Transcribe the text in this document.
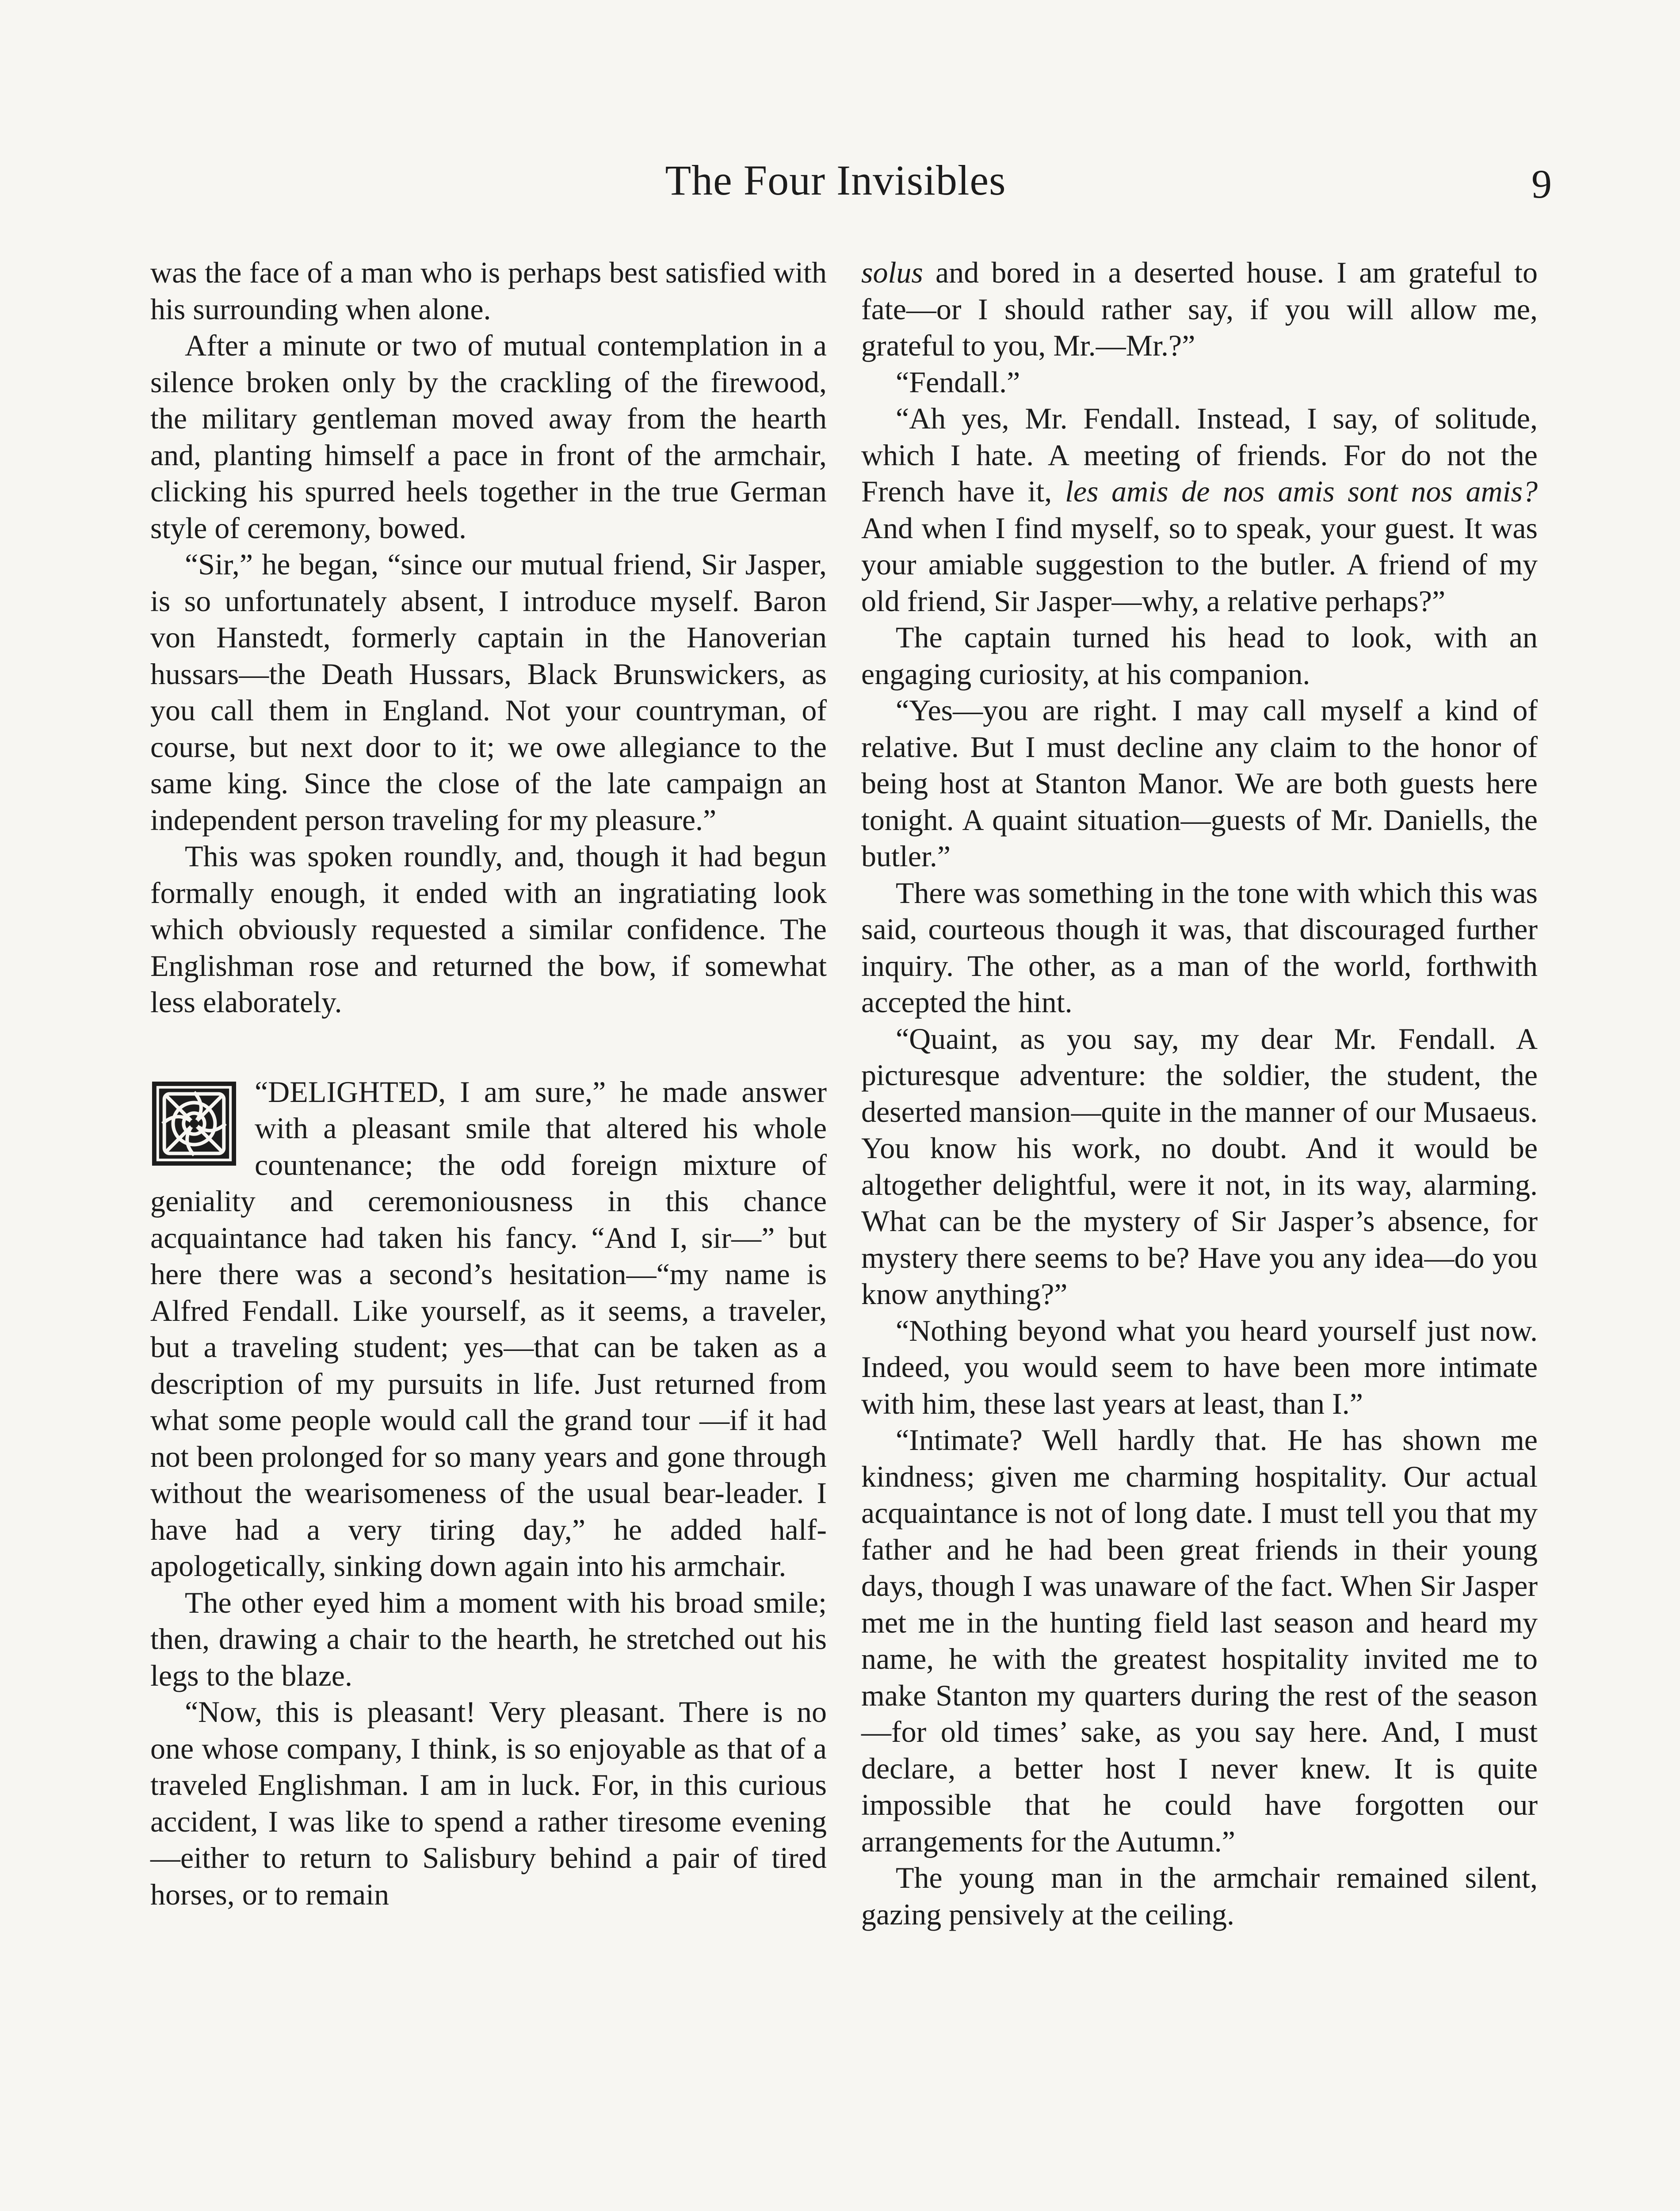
The Four Invisibles	9

was the face of a man who is perhaps best satisfied with his surrounding when alone.

After a minute or two of mutual contemplation in a silence broken only by the crackling of the firewood, the military gentleman moved away from the hearth and, planting himself a pace in front of the armchair, clicking his spurred heels together in the true German style of ceremony, bowed.

“Sir,” he began, “since our mutual friend, Sir Jasper, is so unfortunately absent, I introduce myself. Baron von Hanstedt, formerly captain in the Hanoverian hussars—the Death Hussars, Black Brunswickers, as you call them in England. Not your countryman, of course, but next door to it; we owe allegiance to the same king. Since the close of the late campaign an independent person traveling for my pleasure.”

This was spoken roundly, and, though it had begun formally enough, it ended with an ingratiating look which obviously requested a similar confidence. The Englishman rose and returned the bow, if somewhat less elaborately.

“DELIGHTED, I am sure,” he made answer with a pleasant smile that altered his whole countenance; the odd foreign mixture of geniality and ceremoniousness in this chance acquaintance had taken his fancy. “And I, sir—” but here there was a second’s hesitation—“my name is Alfred Fendall. Like yourself, as it seems, a traveler, but a traveling student; yes—that can be taken as a description of my pursuits in life. Just returned from what some people would call the grand tour —if it had not been prolonged for so many years and gone through without the wearisomeness of the usual bear-leader. I have had a very tiring day,” he added half-apologetically, sinking down again into his armchair.

The other eyed him a moment with his broad smile; then, drawing a chair to the hearth, he stretched out his legs to the blaze.

“Now, this is pleasant! Very pleasant. There is no one whose company, I think, is so enjoyable as that of a traveled Englishman. I am in luck. For, in this curious accident, I was like to spend a rather tiresome evening—either to return to Salisbury behind a pair of tired horses, or to remain

solus and bored in a deserted house. I am grateful to fate—or I should rather say, if you will allow me, grateful to you, Mr.—Mr.?”

“Fendall.”

“Ah yes, Mr. Fendall. Instead, I say, of solitude, which I hate. A meeting of friends. For do not the French have it, les amis de nos amis sont nos amis? And when I find myself, so to speak, your guest. It was your amiable suggestion to the butler. A friend of my old friend, Sir Jasper—why, a relative perhaps?”

The captain turned his head to look, with an engaging curiosity, at his companion.

“Yes—you are right. I may call myself a kind of relative. But I must decline any claim to the honor of being host at Stanton Manor. We are both guests here tonight. A quaint situation—guests of Mr. Daniells, the butler.”

There was something in the tone with which this was said, courteous though it was, that discouraged further inquiry. The other, as a man of the world, forthwith accepted the hint.

“Quaint, as you say, my dear Mr. Fendall. A picturesque adventure: the soldier, the student, the deserted mansion—quite in the manner of our Musaeus. You know his work, no doubt. And it would be altogether delightful, were it not, in its way, alarming. What can be the mystery of Sir Jasper’s absence, for mystery there seems to be? Have you any idea—do you know anything?”

“Nothing beyond what you heard yourself just now. Indeed, you would seem to have been more intimate with him, these last years at least, than I.”

“Intimate? Well hardly that. He has shown me kindness; given me charming hospitality. Our actual acquaintance is not of long date. I must tell you that my father and he had been great friends in their young days, though I was unaware of the fact. When Sir Jasper met me in the hunting field last season and heard my name, he with the greatest hospitality invited me to make Stanton my quarters during the rest of the season—for old times’ sake, as you say here. And, I must declare, a better host I never knew. It is quite impossible that he could have forgotten our arrangements for the Autumn.”

The young man in the armchair remained silent, gazing pensively at the ceiling.
